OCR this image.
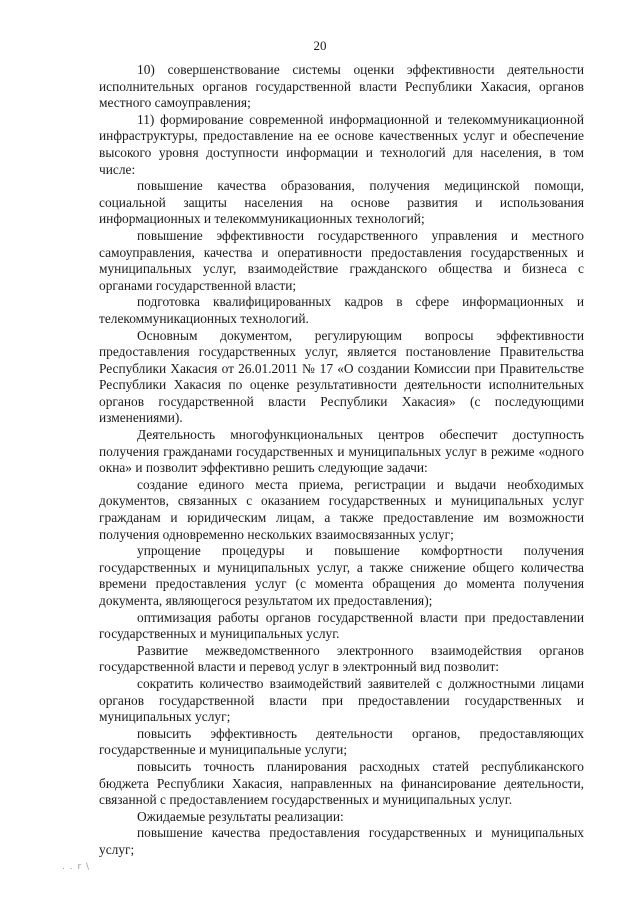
20

10) совершенствование системы оценки эффективности деятельности исполнительных органов государственной власти Республики Хакасия, органов местного самоуправления;

11) формирование современной информационной и телекоммуникационной инфраструктуры, предоставление на ее основе качественных услуг и обеспечение высокого уровня доступности информации и технологий для населения, в том числе:

повышение качества образования, получения медицинской помощи, социальной защиты населения на основе развития и использования информационных и телекоммуникационных технологий;

повышение эффективности государственного управления и местного самоуправления, качества и оперативности предоставления государственных и муниципальных услуг, взаимодействие гражданского общества и бизнеса с органами государственной власти;

подготовка квалифицированных кадров в сфере информационных и телекоммуникационных технологий.

Основным документом, регулирующим вопросы эффективности предоставления государственных услуг, является постановление Правительства Республики Хакасия от 26.01.2011 № 17 «О создании Комиссии при Правительстве Республики Хакасия по оценке результативности деятельности исполнительных органов государственной власти Республики Хакасия» (с последующими изменениями).

Деятельность многофункциональных центров обеспечит доступность получения гражданами государственных и муниципальных услуг в режиме «одного окна» и позволит эффективно решить следующие задачи:

создание единого места приема, регистрации и выдачи необходимых документов, связанных с оказанием государственных и муниципальных услуг гражданам и юридическим лицам, а также предоставление им возможности получения одновременно нескольких взаимосвязанных услуг;

упрощение процедуры и повышение комфортности получения государственных и муниципальных услуг, а также снижение общего количества времени предоставления услуг (с момента обращения до момента получения документа, являющегося результатом их предоставления);

оптимизация работы органов государственной власти при предоставлении государственных и муниципальных услуг.

Развитие межведомственного электронного взаимодействия органов государственной власти и перевод услуг в электронный вид позволит:

сократить количество взаимодействий заявителей с должностными лицами органов государственной власти при предоставлении государственных и муниципальных услуг;

повысить эффективность деятельности органов, предоставляющих государственные и муниципальные услуги;

повысить точность планирования расходных статей республиканского бюджета Республики Хакасия, направленных на финансирование деятельности, связанной с предоставлением государственных и муниципальных услуг.

Ожидаемые результаты реализации:

повышение качества предоставления государственных и муниципальных услуг;

. . r \
